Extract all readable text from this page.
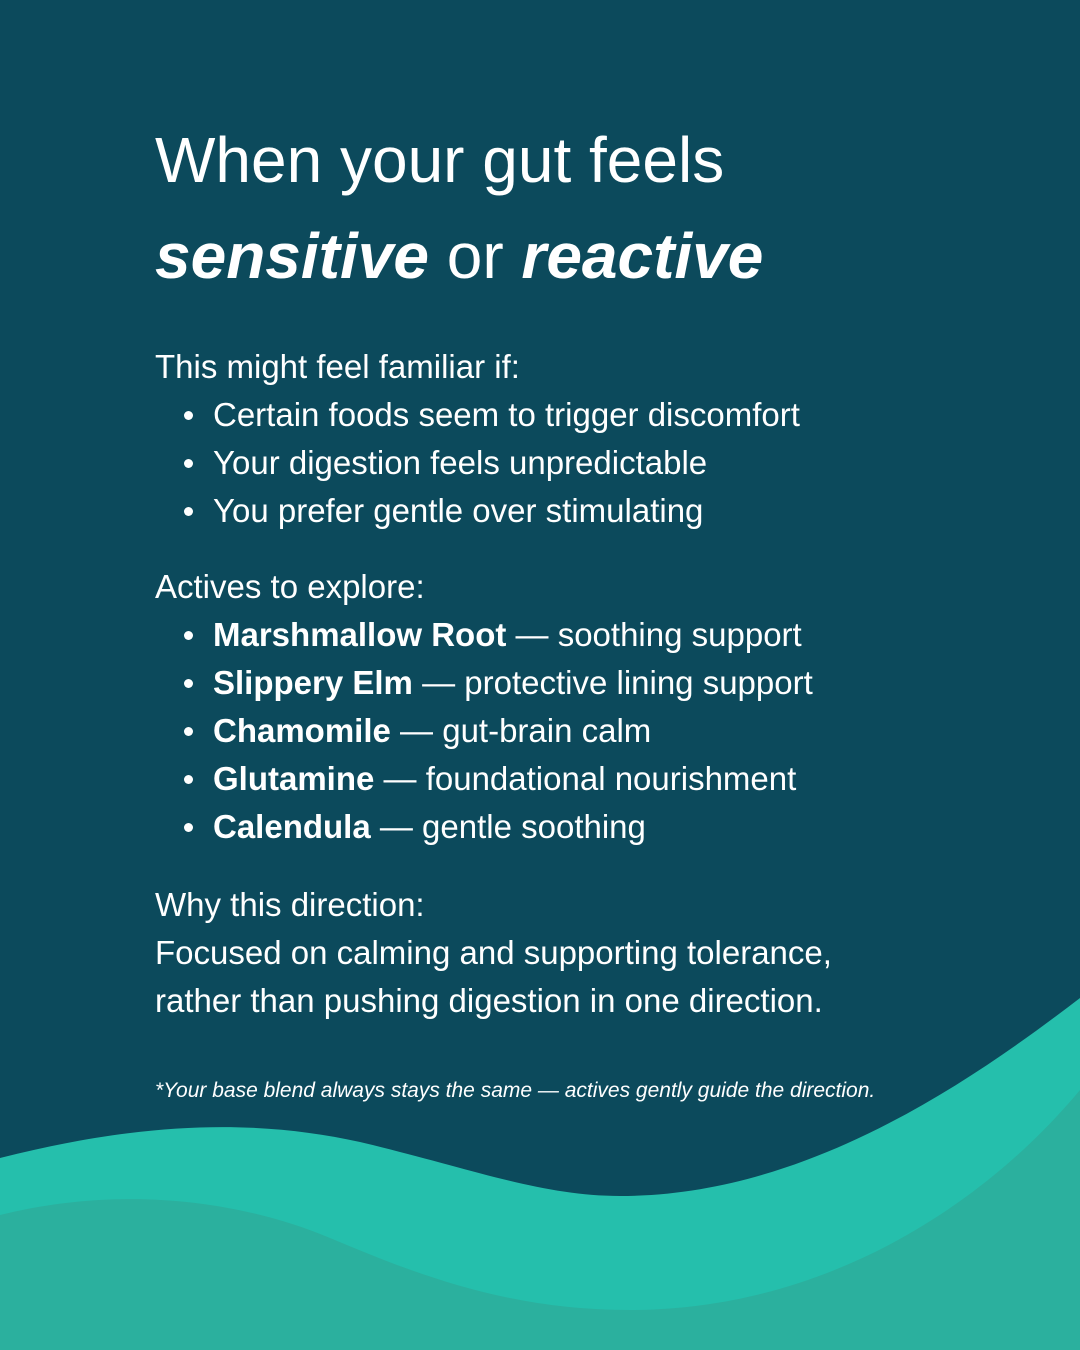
When your gut feels
sensitive or reactive

This might feel familiar if:

Certain foods seem to trigger discomfort
Your digestion feels unpredictable
You prefer gentle over stimulating

Actives to explore:

Marshmallow Root — soothing support
Slippery Elm — protective lining support
Chamomile — gut-brain calm
Glutamine — foundational nourishment
Calendula — gentle soothing

Why this direction:

Focused on calming and supporting tolerance,
rather than pushing digestion in one direction.

*Your base blend always stays the same — actives gently guide the direction.
